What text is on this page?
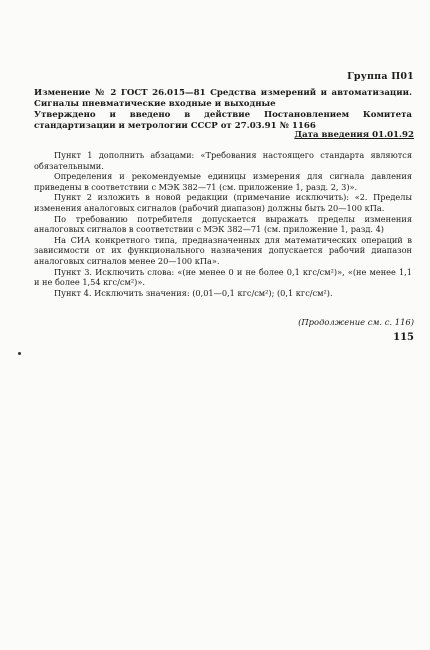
Группа П01
Изменение № 2 ГОСТ 26.015—81 Средства измерений и автоматизации. Сигналы пневматические входные и выходные
Утверждено и введено в действие Постановлением Комитета стандартизации и метрологии СССР от 27.03.91 № 1166
Дата введения 01.01.92

Пункт 1 дополнить абзацами: «Требования настоящего стандарта являются обязательными.

Определения и рекомендуемые единицы измерения для сигнала давления приведены в соответствии с МЭК 382—71 (см. приложение 1, разд. 2, 3)».

Пункт 2 изложить в новой редакции (примечание исключить): «2. Пределы изменения аналоговых сигналов (рабочий диапазон) должны быть 20—100 кПа.

По требованию потребителя допускается выражать пределы изменения аналоговых сигналов в соответствии с МЭК 382—71 (см. приложение 1, разд. 4)

На СИА конкретного типа, предназначенных для математических операций в зависимости от их функционального назначения допускается рабочий диапазон аналоговых сигналов менее 20—100 кПа».

Пункт 3. Исключить слова: «(не менее 0 и не более 0,1 кгс/см²)», «(не менее 1,1 и не более 1,54 кгс/см²)».

Пункт 4. Исключить значения: (0,01—0,1 кгс/см²); (0,1 кгс/см²).

(Продолжение см. с. 116)
115
